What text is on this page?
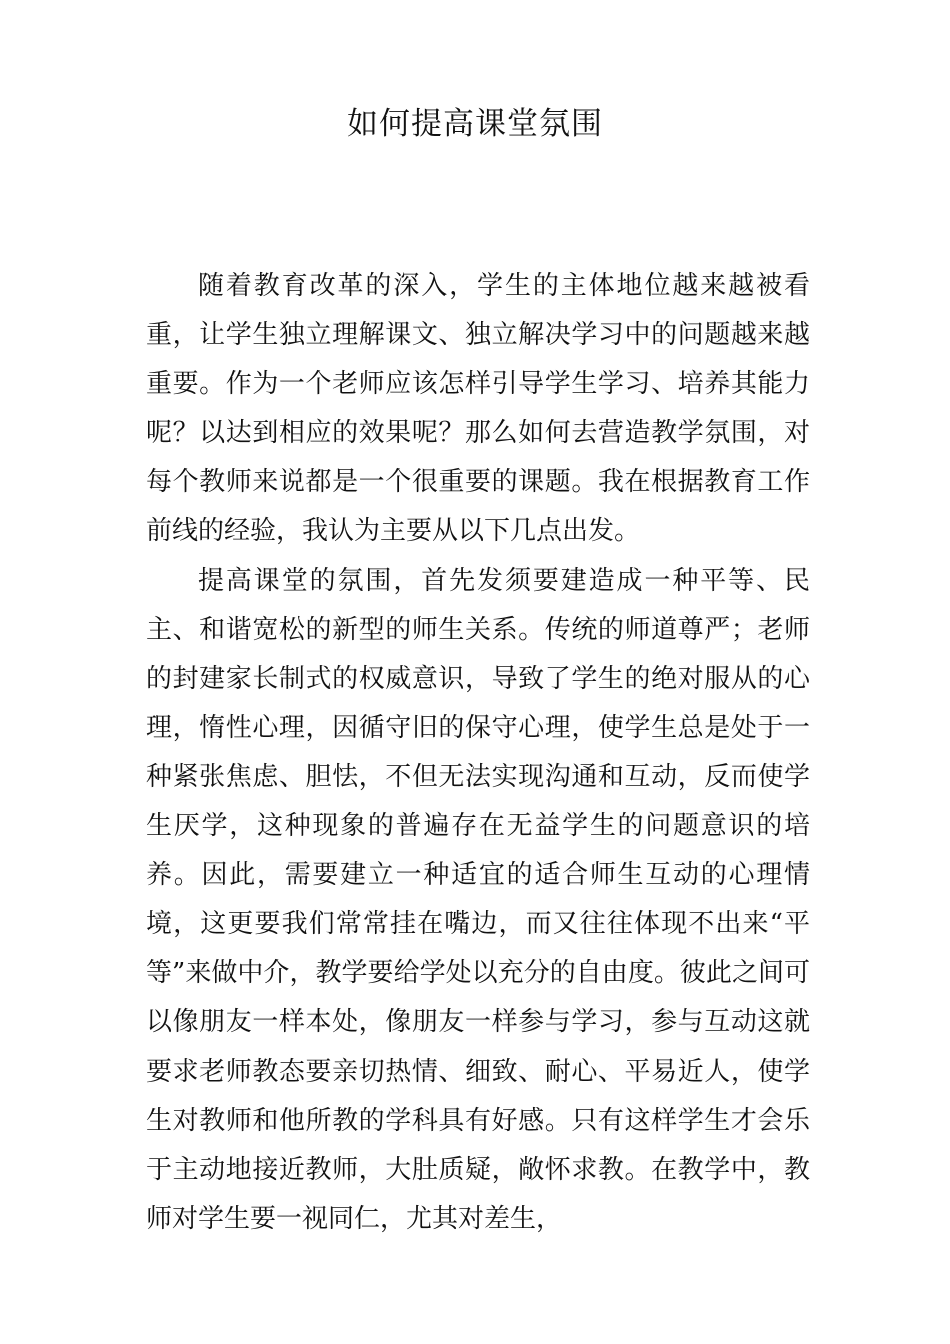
如何提高课堂氛围

随着教育改革的深入，学生的主体地位越来越被看重，让学生独立理解课文、独立解决学习中的问题越来越重要。作为一个老师应该怎样引导学生学习、培养其能力呢？以达到相应的效果呢？那么如何去营造教学氛围，对每个教师来说都是一个很重要的课题。我在根据教育工作前线的经验，我认为主要从以下几点出发。

提高课堂的氛围，首先发须要建造成一种平等、民主、和谐宽松的新型的师生关系。传统的师道尊严；老师的封建家长制式的权威意识，导致了学生的绝对服从的心理，惰性心理，因循守旧的保守心理，使学生总是处于一种紧张焦虑、胆怯，不但无法实现沟通和互动，反而使学生厌学，这种现象的普遍存在无益学生的问题意识的培养。因此，需要建立一种适宜的适合师生互动的心理情境，这更要我们常常挂在嘴边，而又往往体现不出来“平等”来做中介，教学要给学处以充分的自由度。彼此之间可以像朋友一样本处，像朋友一样参与学习，参与互动这就要求老师教态要亲切热情、细致、耐心、平易近人，使学生对教师和他所教的学科具有好感。只有这样学生才会乐于主动地接近教师，大肚质疑，敞怀求教。在教学中，教师对学生要一视同仁，尤其对差生，
